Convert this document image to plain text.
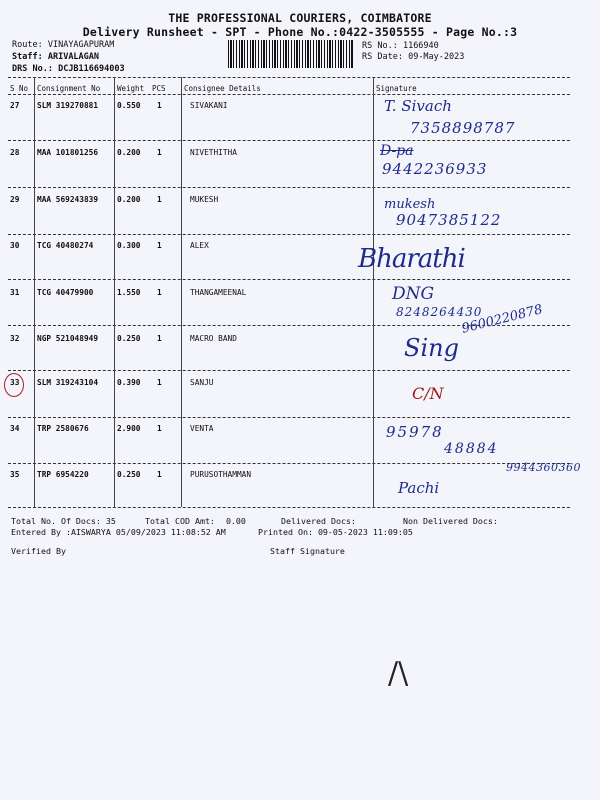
THE PROFESSIONAL COURIERS, COIMBATORE
Delivery Runsheet - SPT - Phone No.:0422-3505555 - Page No.:3
Route: VINAYAGAPURAM
Staff: ARIVALAGAN
DRS No.: DCJB116694003
RS No.: 1166940
RS Date: 09-May-2023
S No Consignment No Weight PCS Consignee Details	Signature
27 SLM 319270881 0.550 1	SIVAKANI	T. Sivach
7358898787
28 MAA 101801256 0.200 1	NIVETHITHA	D-pa
9442236933
29 MAA 569243839 0.200 1	MUKESH	mukesh
9047385122
30 TCG 40480274	0.300 1	ALEX	Bharathi
31 TCG 40479900	1.550 1	THANGAMEENAL	DNG
8248264430
32 NGP 521048949 0.250 1	MACRO BAND	Sing
9600220878
33 SLM 319243104 0.390 1	SANJU
C/N
34 TRP 2580676	2.900 1	VENTA	95978
48884
35 TRP 6954220	0.250 1	PURUSOTHAMMAN
Pachi
9944360360
Total No. Of Docs: 35	Total COD Amt: 0.00	Delivered Docs:	Non Delivered Docs:
Entered By :AISWARYA 05/09/2023 11:08:52 AM	Printed On: 09-05-2023 11:09:05
Verified By	Staff Signature
/\
